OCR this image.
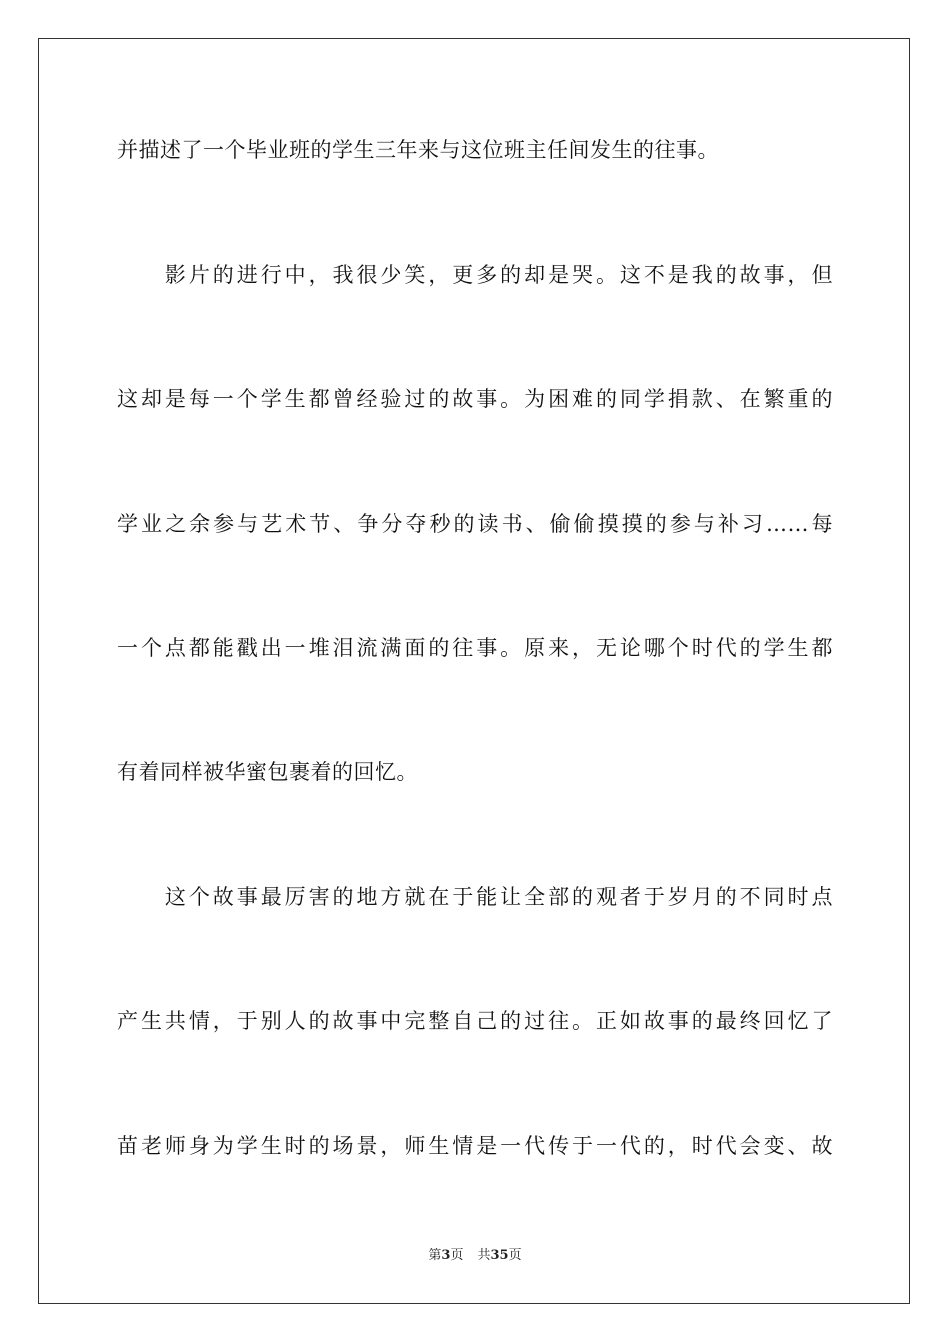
并描述了一个毕业班的学生三年来与这位班主任间发生的往事。
　　影片的进行中，我很少笑，更多的却是哭。这不是我的故事，但
这却是每一个学生都曾经验过的故事。为困难的同学捐款、在繁重的
学业之余参与艺术节、争分夺秒的读书、偷偷摸摸的参与补习……每
一个点都能戳出一堆泪流满面的往事。原来，无论哪个时代的学生都
有着同样被华蜜包裹着的回忆。
　　这个故事最厉害的地方就在于能让全部的观者于岁月的不同时点
产生共情，于别人的故事中完整自己的过往。正如故事的最终回忆了
苗老师身为学生时的场景，师生情是一代传于一代的，时代会变、故
第3页 共35页
